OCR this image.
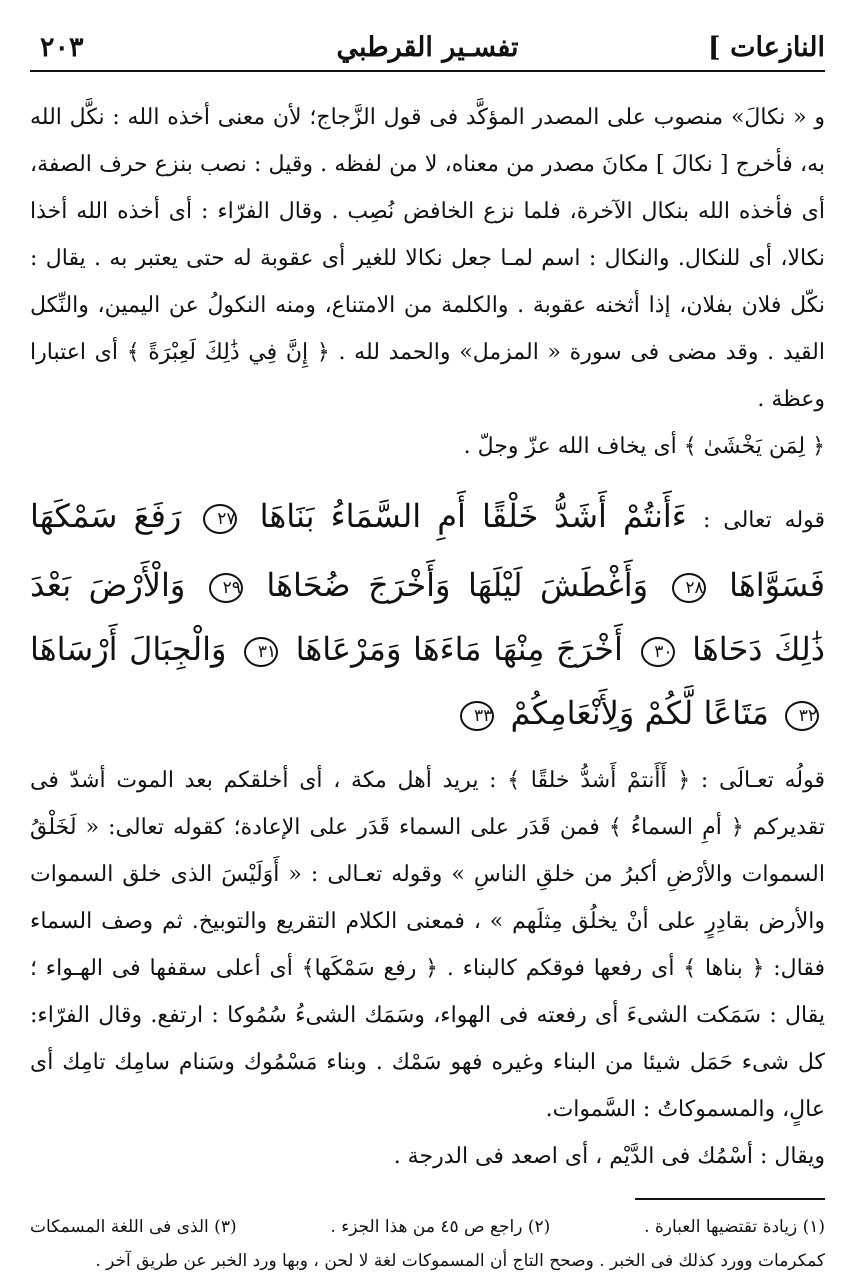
النازعات ]
تفسـير القرطبي
٢٠٣

و « نكالَ» منصوب على المصدر المؤكَّد فى قول الزَّجاج؛ لأن معنى أخذه الله : نكَّل الله به، فأخرج [ نكالَ ] مكانَ مصدر من معناه، لا من لفظه . وقيل : نصب بنزع حرف الصفة، أى فأخذه الله بنكال الآخرة، فلما نزع الخافض نُصِب . وقال الفرّاء : أى أخذه الله أخذا نكالا، أى للنكال. والنكال : اسم لمـا جعل نكالا للغير أى عقوبة له حتى يعتبر به . يقال : نكّل فلان بفلان، إذا أثخنه عقوبة . والكلمة من الامتناع، ومنه النكولُ عن اليمين، والنِّكل القيد . وقد مضى فى سورة « المزمل» والحمد لله . ﴿ إِنَّ فِي ذَٰلِكَ لَعِبْرَةً ﴾ أى اعتبارا وعظة .

﴿ لِمَن يَخْشَىٰ ﴾ أى يخاف الله عزّ وجلّ .

قوله تعالى : ءَأَنتُمْ أَشَدُّ خَلْقًا أَمِ السَّمَاءُ بَنَاهَا ٢٧ رَفَعَ سَمْكَهَا فَسَوَّاهَا ٢٨ وَأَغْطَشَ لَيْلَهَا وَأَخْرَجَ ضُحَاهَا ٢٩ وَالْأَرْضَ بَعْدَ ذَٰلِكَ دَحَاهَا ٣٠ أَخْرَجَ مِنْهَا مَاءَهَا وَمَرْعَاهَا ٣١ وَالْجِبَالَ أَرْسَاهَا ٣٢ مَتَاعًا لَّكُمْ وَلِأَنْعَامِكُمْ ٣٣

قولُه تعـالَى : ﴿ أَأَنتمْ أَشدُّ خلقًا ﴾ : يريد أهل مكة ، أى أخلقكم بعد الموت أشدّ فى تقديركم ﴿ أمِ السماءُ ﴾ فمن قَدَر على السماء قَدَر على الإعادة؛ كقوله تعالى: « لَخَلْقُ السموات والأرْضِ أكبرُ من خلقِ الناسِ » وقوله تعـالى : « أَوَلَيْسَ الذى خلق السموات والأرض بقادِرٍ على أنْ يخلُق مِثلَهم » ، فمعنى الكلام التقريع والتوبيخ. ثم وصف السماء فقال: ﴿ بناها ﴾ أى رفعها فوقكم كالبناء . ﴿ رفع سَمْكَها﴾ أى أعلى سقفها فى الهـواء ؛ يقال : سَمَكت الشىءَ أى رفعته فى الهواء، وسَمَك الشىءُ سُمُوكا : ارتفع. وقال الفرّاء: كل شىء حَمَل شيئا من البناء وغيره فهو سَمْك . وبناء مَسْمُوك وسَنام سامِك تامِك أى عالٍ، والمسموكاتُ : السَّموات.

ويقال : أسْمُك فى الدَّيْم ، أى اصعد فى الدرجة .

(١) زيادة تقتضيها العبارة .
(٢) راجع ص ٤٥ من هذا الجزء .
(٣) الذى فى اللغة المسمكات
كمكرمات وورد كذلك فى الخبر . وصحح التاج أن المسموكات لغة لا لحن ، وبها ورد الخبر عن طريق آخر .
